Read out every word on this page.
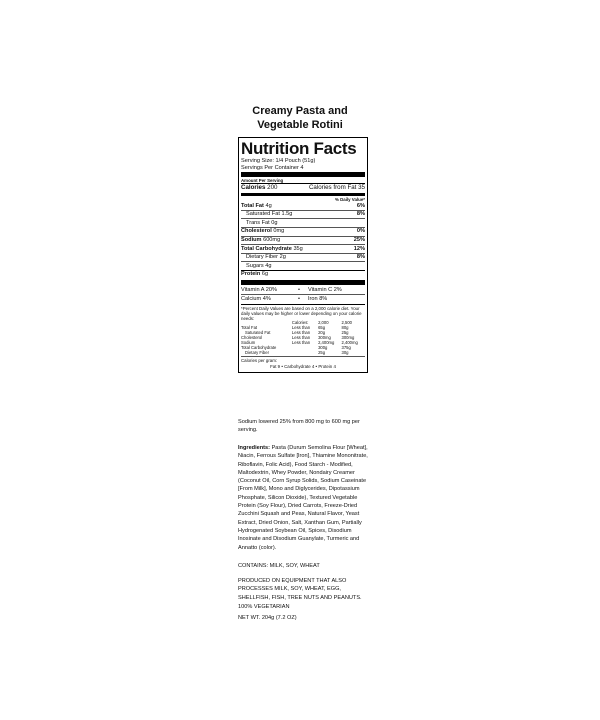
Creamy Pasta and
Vegetable Rotini
Nutrition Facts
Serving Size: 1/4 Pouch (51g)
Servings Per Container 4
Amount Per Serving
Calories 200	Calories from Fat 35
% Daily Value*
Total Fat 4g	6%
Saturated Fat 1.5g	8%
Trans Fat 0g
Cholesterol 0mg	0%
Sodium 600mg	25%
Total Carbohydrate 35g	12%
Dietary Fiber 2g	8%
Sugars 4g
Protein 6g
Vitamin A 20%	•	Vitamin C 2%
Calcium 4%	•	Iron 8%
*Percent Daily Values are based on a 2,000 calorie diet. Your daily values may be higher or lower depending on your calorie needs:
	Calories:	2,000	2,500
Total Fat	Less than	65g	80g
Saturated Fat	Less than	20g	25g
Cholesterol	Less than	300mg	300mg
Sodium	Less than	2,400mg	2,400mg
Total Carbohydrate		300g	375g
Dietary Fiber		25g	30g
Calories per gram:
Fat 9 • Carbohydrate 4 • Protein 4

Sodium lowered 25% from 800 mg to 600 mg per serving.

Ingredients: Pasta (Durum Semolina Flour [Wheat], Niacin, Ferrous Sulfate [Iron], Thiamine Mononitrate, Riboflavin, Folic Acid), Food Starch - Modified, Maltodextrin, Whey Powder, Nondairy Creamer (Coconut Oil, Corn Syrup Solids, Sodium Caseinate [From Milk], Mono and Diglycerides, Dipotassium Phosphate, Silicon Dioxide), Textured Vegetable Protein (Soy Flour), Dried Carrots, Freeze-Dried Zucchini Squash and Peas, Natural Flavor, Yeast Extract, Dried Onion, Salt, Xanthan Gum, Partially Hydrogenated Soybean Oil, Spices, Disodium Inosinate and Disodium Guanylate, Turmeric and Annatto (color).

CONTAINS: MILK, SOY, WHEAT

PRODUCED ON EQUIPMENT THAT ALSO PROCESSES MILK, SOY, WHEAT, EGG, SHELLFISH, FISH, TREE NUTS AND PEANUTS.

100% VEGETARIAN

NET WT. 204g (7.2 OZ)
